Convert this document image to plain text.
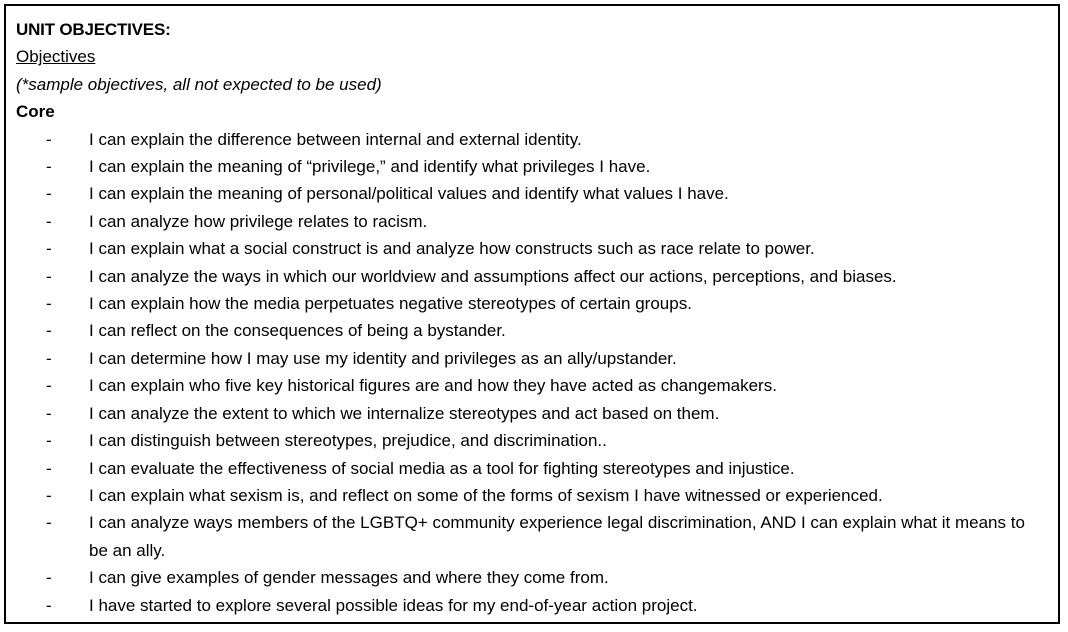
UNIT OBJECTIVES:
Objectives
(*sample objectives, all not expected to be used)
Core
- I can explain the difference between internal and external identity.
- I can explain the meaning of “privilege,” and identify what privileges I have.
- I can explain the meaning of personal/political values and identify what values I have.
- I can analyze how privilege relates to racism.
- I can explain what a social construct is and analyze how constructs such as race relate to power.
- I can analyze the ways in which our worldview and assumptions affect our actions, perceptions, and biases.
- I can explain how the media perpetuates negative stereotypes of certain groups.
- I can reflect on the consequences of being a bystander.
- I can determine how I may use my identity and privileges as an ally/upstander.
- I can explain who five key historical figures are and how they have acted as changemakers.
- I can analyze the extent to which we internalize stereotypes and act based on them.
- I can distinguish between stereotypes, prejudice, and discrimination..
- I can evaluate the effectiveness of social media as a tool for fighting stereotypes and injustice.
- I can explain what sexism is, and reflect on some of the forms of sexism I have witnessed or experienced.
- I can analyze ways members of the LGBTQ+ community experience legal discrimination, AND I can explain what it means to be an ally.
- I can give examples of gender messages and where they come from.
- I have started to explore several possible ideas for my end-of-year action project.
